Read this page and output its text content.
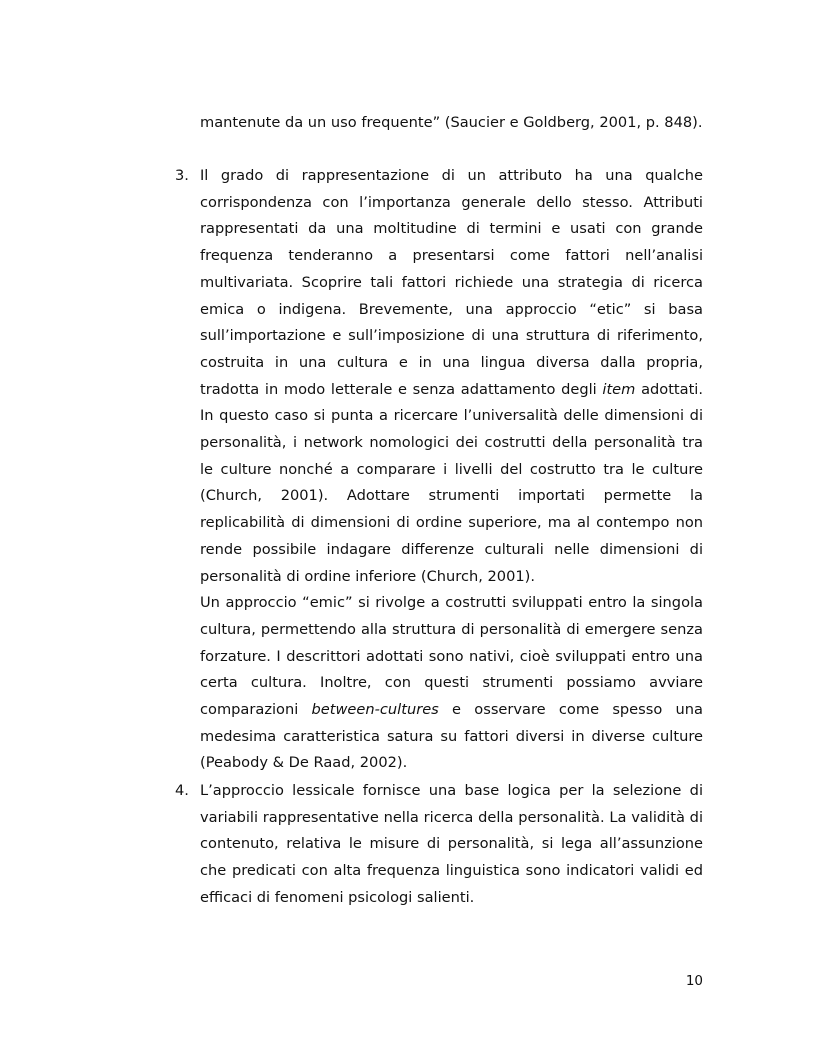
mantenute da un uso frequente” (Saucier e Goldberg, 2001, p. 848).

3. Il grado di rappresentazione di un attributo ha una qualche corrispondenza con l’importanza generale dello stesso. Attributi rappresentati da una moltitudine di termini e usati con grande frequenza tenderanno a presentarsi come fattori nell’analisi multivariata. Scoprire tali fattori richiede una strategia di ricerca emica o indigena. Brevemente, una approccio “etic” si basa sull’importazione e sull’imposizione di una struttura di riferimento, costruita in una cultura e in una lingua diversa dalla propria, tradotta in modo letterale e senza adattamento degli item adottati. In questo caso si punta a ricercare l’universalità delle dimensioni di personalità, i network nomologici dei costrutti della personalità tra le culture nonché a comparare i livelli del costrutto tra le culture (Church, 2001). Adottare strumenti importati permette la replicabilità di dimensioni di ordine superiore, ma al contempo non rende possibile indagare differenze culturali nelle dimensioni di personalità di ordine inferiore (Church, 2001).

Un approccio “emic” si rivolge a costrutti sviluppati entro la singola cultura, permettendo alla struttura di personalità di emergere senza forzature. I descrittori adottati sono nativi, cioè sviluppati entro una certa cultura. Inoltre, con questi strumenti possiamo avviare comparazioni between-cultures e osservare come spesso una medesima caratteristica satura su fattori diversi in diverse culture (Peabody & De Raad, 2002).

4. L’approccio lessicale fornisce una base logica per la selezione di variabili rappresentative nella ricerca della personalità. La validità di contenuto, relativa le misure di personalità, si lega all’assunzione che predicati con alta frequenza linguistica sono indicatori validi ed efficaci di fenomeni psicologi salienti.

10
